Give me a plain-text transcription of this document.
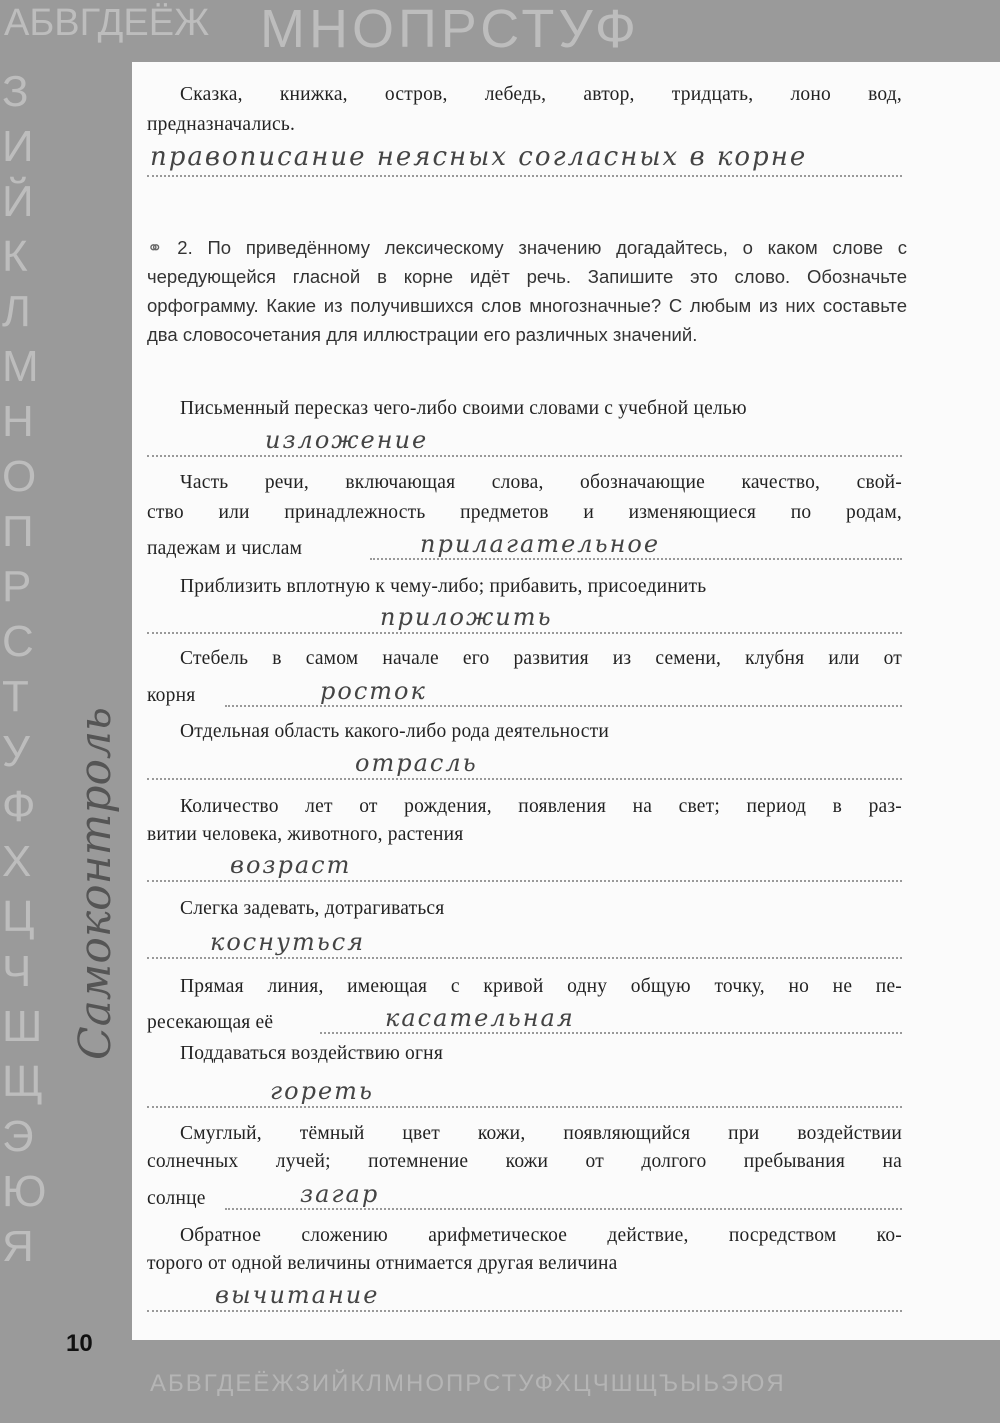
АБВГДЕЁЖ МНОПРСТУФ
ЗИЙКЛМНОПРСТУФХЦЧШЩЭЮЯ
АБВГДЕЁЖЗИЙКЛМНОПРСТУФХЦЧШЩЪЫЬЭЮЯ
Сказка, книжка, остров, лебедь, автор, тридцать, лоно вод,
предназначались.
правописание неясных согласных в корне
⚭ 2. По приведённому лексическому значению догадайтесь, о каком слове с чередующейся гласной в корне идёт речь. Запишите это слово. Обозначьте орфограмму. Какие из получившихся слов многозначные? С любым из них составьте два словосочетания для иллюстрации его различных значений.
Письменный пересказ чего-либо своими словами с учебной целью
изложение
Часть речи, включающая слова, обозначающие качество, свой-
ство или принадлежность предметов и изменяющиеся по родам,
падежам и числам	прилагательное
Приблизить вплотную к чему-либо; прибавить, присоединить
приложить
Стебель в самом начале его развития из семени, клубня или от
корня	росток
Отдельная область какого-либо рода деятельности
отрасль
Количество лет от рождения, появления на свет; период в раз-
витии человека, животного, растения
возраст
Слегка задевать, дотрагиваться
коснуться
Прямая линия, имеющая с кривой одну общую точку, но не пе-
ресекающая её	касательная
Поддаваться воздействию огня
гореть
Смуглый, тёмный цвет кожи, появляющийся при воздействии
солнечных лучей; потемнение кожи от долгого пребывания на
солнце	загар
Обратное сложению арифметическое действие, посредством ко-
торого от одной величины отнимается другая величина
вычитание
Самоконтроль
10
